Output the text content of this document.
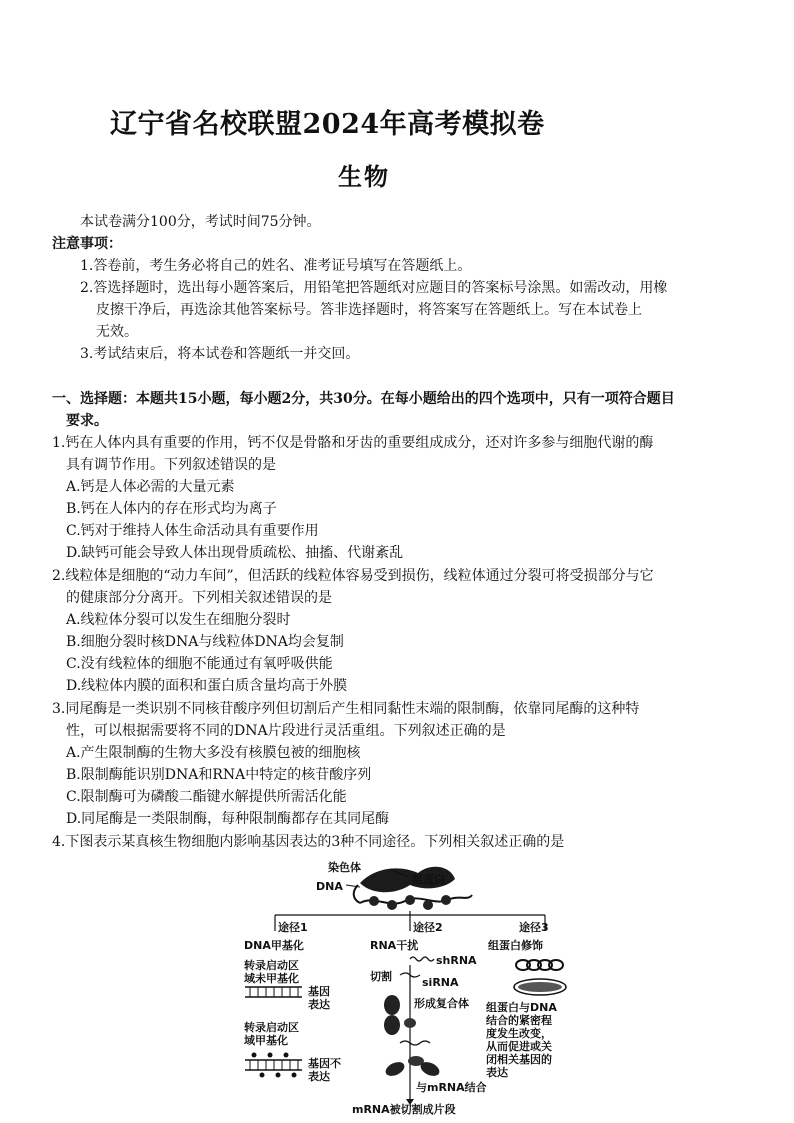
辽宁省名校联盟2024年高考模拟卷
生物
本试卷满分100分，考试时间75分钟。
注意事项：
1.答卷前，考生务必将自己的姓名、准考证号填写在答题纸上。
2.答选择题时，选出每小题答案后，用铅笔把答题纸对应题目的答案标号涂黑。如需改动，用橡
皮擦干净后，再选涂其他答案标号。答非选择题时，将答案写在答题纸上。写在本试卷上
无效。
3.考试结束后，将本试卷和答题纸一并交回。
一、选择题：本题共15小题，每小题2分，共30分。在每小题给出的四个选项中，只有一项符合题目
要求。
1.钙在人体内具有重要的作用，钙不仅是骨骼和牙齿的重要组成成分，还对许多参与细胞代谢的酶
具有调节作用。下列叙述错误的是
A.钙是人体必需的大量元素
B.钙在人体内的存在形式均为离子
C.钙对于维持人体生命活动具有重要作用
D.缺钙可能会导致人体出现骨质疏松、抽搐、代谢紊乱
2.线粒体是细胞的“动力车间”，但活跃的线粒体容易受到损伤，线粒体通过分裂可将受损部分与它
的健康部分分离开。下列相关叙述错误的是
A.线粒体分裂可以发生在细胞分裂时
B.细胞分裂时核DNA与线粒体DNA均会复制
C.没有线粒体的细胞不能通过有氧呼吸供能
D.线粒体内膜的面积和蛋白质含量均高于外膜
3.同尾酶是一类识别不同核苷酸序列但切割后产生相同黏性末端的限制酶，依靠同尾酶的这种特
性，可以根据需要将不同的DNA片段进行灵活重组。下列叙述正确的是
A.产生限制酶的生物大多没有核膜包被的细胞核
B.限制酶能识别DNA和RNA中特定的核苷酸序列
C.限制酶可为磷酸二酯键水解提供所需活化能
D.同尾酶是一类限制酶，每种限制酶都存在其同尾酶
4.下图表示某真核生物细胞内影响基因表达的3种不同途径。下列相关叙述正确的是
染色体
DNA
组蛋白
途径1	途径2	途径3
DNA甲基化	RNA干扰	组蛋白修饰
转录启动区域未甲基化
基因表达
转录启动区域甲基化
基因不表达
shRNA
切割	siRNA
形成复合体
与mRNA结合
mRNA被切割成片段
组蛋白与DNA结合的紧密程度发生改变，从而促进或关闭相关基因的表达
